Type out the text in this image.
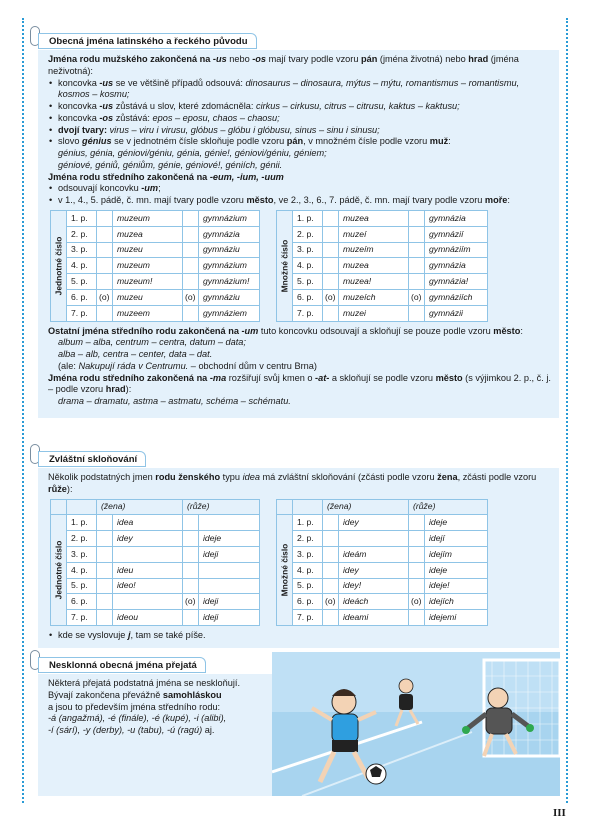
Obecná jména latinského a řeckého původu

Jména rodu mužského zakončená na -us nebo -os mají tvary podle vzoru pán (jména životná) nebo hrad (jména neživotná):

• koncovka -us se ve většině případů odsouvá: dinosaurus – dinosaura, mýtus – mýtu, romantismus – romantismu, kosmos – kosmu;
• koncovka -us zůstává u slov, které zdomácněla: cirkus – cirkusu, citrus – citrusu, kaktus – kaktusu;
• koncovka -os zůstává: epos – eposu, chaos – chaosu;
• dvojí tvary: virus – viru i virusu, glóbus – glóbu i glóbusu, sinus – sinu i sinusu;
• slovo génius se v jednotném čísle skloňuje podle vzoru pán, v množném čísle podle vzoru muž:

génius, génia, géniovi/géniu, génia, génie!, géniovi/géniu, géniem;

géniové, géniů, géniům, génie, géniové!, géniích, génii.

Jména rodu středního zakončená na -eum, -ium, -uum

• odsouvají koncovku -um;
• v 1., 4., 5. pádě, č. mn. mají tvary podle vzoru město, ve 2., 3., 6., 7. pádě, č. mn. mají tvary podle vzoru moře:
Jednotné číslo	1. p.		muzeum		gymnázium
	2. p.		muzea		gymnázia
	3. p.		muzeu		gymnáziu
	4. p.		muzeum		gymnázium
	5. p.		muzeum!		gymnázium!
	6. p.	(o)	muzeu	(o)	gymnáziu
	7. p.		muzeem		gymnáziem
Množné číslo	1. p.		muzea		gymnázia
	2. p.		muzeí		gymnázií
	3. p.		muzeím		gymnáziím
	4. p.		muzea		gymnázia
	5. p.		muzea!		gymnázia!
	6. p.	(o)	muzeích	(o)	gymnáziích
	7. p.		muzei		gymnázii

Ostatní jména středního rodu zakončená na -um tuto koncovku odsouvají a skloňují se pouze podle vzoru město:

album – alba, centrum – centra, datum – data;

alba – alb, centra – center, data – dat.

(ale: Nakupují ráda v Centrumu. – obchodní dům v centru Brna)

Jména rodu středního zakončená na -ma rozšiřují svůj kmen o -at- a skloňují se podle vzoru město (s výjimkou 2. p., č. j. – podle vzoru hrad):

drama – dramatu, astma – astmatu, schéma – schématu.

Zvláštní skloňování

Několik podstatných jmen rodu ženského typu idea má zvláštní skloňování (zčásti podle vzoru žena, zčásti podle vzoru růže):

		(žena)		(růže)	

Jednotné číslo	1. p.		idea		
	2. p.		idey		ideje
	3. p.				ideji
	4. p.		ideu		
	5. p.		ideo!		
	6. p.			(o)	ideji
	7. p.		ideou		ideji
		(žena)		(růže)	

Množné číslo	1. p.		idey		ideje
	2. p.				idejí
	3. p.		ideám		idejím
	4. p.		idey		ideje
	5. p.		idey!		ideje!
	6. p.	(o)	ideách	(o)	idejích
	7. p.		ideami		idejemi
• kde se vyslovuje j, tam se také píše.
Nesklonná obecná jména přejatá

Některá přejatá podstatná jména se neskloňují.

Bývají zakončena převážně samohláskou

a jsou to především jména středního rodu:

-á (angažmá), -é (finále), -é (kupé), -i (alibi),

-í (sárí), -y (derby), -u (tabu), -ú (ragú) aj.

III
